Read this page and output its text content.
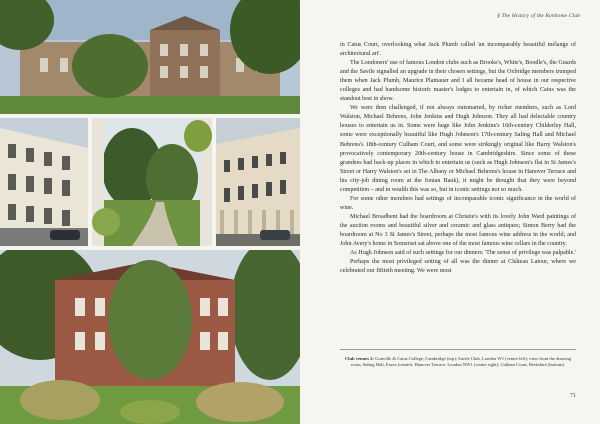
§ The History of the Ronhome Club

in Caius Court, overlooking what Jack Plumb called 'an incomparably beautiful mélange of architectural art'.

The Londoners' use of famous London clubs such as Brooks's, White's, Boodle's, the Guards and the Savile signalled an upgrade in their chosen settings, but the Oxbridge members trumped them when Jack Plumb, Maurice Platnauer and I all became head of house in our respective colleges and had handsome historic master's lodges to entertain in, of which Caius was the standout best in show.

We were then challenged, if not always outsmarted, by richer members, such as Lord Walston, Michael Behrens, John Jenkins and Hugh Johnson. They all had delectable country houses to entertain us in. Some were huge like John Jenkins's 16th-century Childerley Hall, some were exceptionally beautiful like Hugh Johnson's 17th-century Saling Hall and Michael Behrens's 18th-century Culham Court, and some were strikingly original like Harry Walston's provocatively contemporary 20th-century house in Cambridgeshire. Since some of these grandees had back-up places in which to entertain us (such as Hugh Johnson's flat in St James's Street or Harry Walston's set in The Albany or Michael Behrens's house in Hanover Terrace and his city-job dining room at the Ionian Bank), it might be thought that they were beyond competition – and in wealth this was so, but in iconic settings not so much.

For some other members had settings of incomparable iconic significance in the world of wine.

Michael Broadbent had the boardroom at Christie's with its lovely John Ward paintings of the auction rooms and beautiful silver and ceramic and glass antiques; Simon Berry had the boardroom at No 3 St James's Street, perhaps the most famous wine address in the world; and John Avery's home in Somerset sat above one of the most famous wine cellars in the country.

As Hugh Johnson said of such settings for our dinners: 'The sense of privilege was palpable.'

Perhaps the most privileged setting of all was the dinner at Château Latour, where we celebrated our fiftieth meeting. We were most

Club venues 2: Gonville & Caius College, Cambridge (top); Savile Club, London W1 (centre left); view from the drawing room, Saling Hall, Essex (centre); Hanover Terrace, London NW1 (centre right); Culham Court, Berkshire (bottom).
71
